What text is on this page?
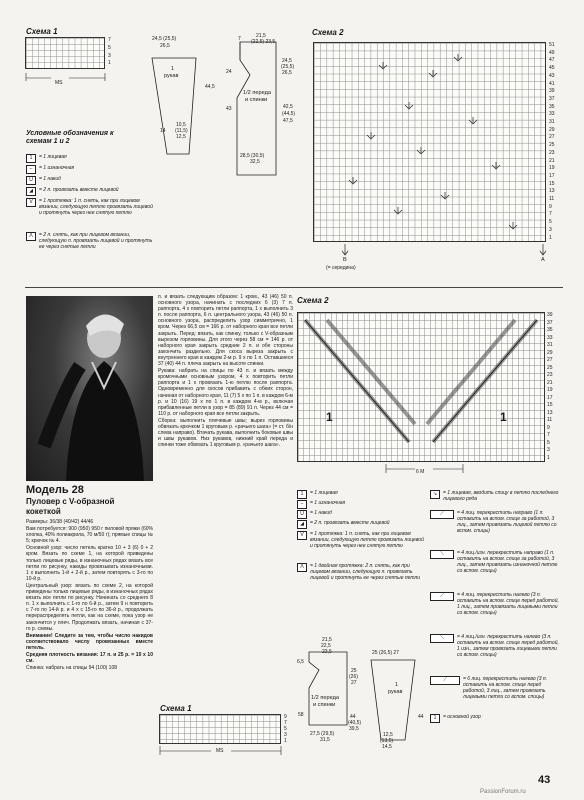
Схема 1
7
5
3
1
MS
24,5 (25,5)
26,5
1
рукав
44,5
10,5
(11,5)
12,5
14
7	21,5
(22,5) 23,5
24
43
24,5
(25,5)
26,5
1/2 переда
и спинки
42,5
(44,5)
47,5
28,5 (30,5)
32,5
Условные обозначения к схемам 1 и 2
1	= 1 лицевая
–	= 1 изнаночная
U	= 1 накид
◢	= 2 п. провязать вместе лицевой
V	= 1 протяжка: 1 п. снять, как при лицевом вязании, следующую петлю провязать лицевой и протянуть через нее снятую петлю
Ʌ	= 2 п. снять, как при лицевом вязании, следующую п. провязать лицевой и протянуть ее через снятые петли
Схема 2
51
49
47
45
43
41
39
37
35
33
31
29
27
25
23
21
19
17
15
13
11
9
7
5
3
1
B	A
(= середина)
Модель 28
Пуловер с V-образной кокеткой

Размеры: 36/38 (40/42) 44/46

Вам потребуется: 900 (950) 950 г пиловой пряжи (60% хлопка, 40% полиакрила, 70 м/50 г); прямые спицы № 5; крючок № 4.

Основной узор: число петель кратно 10 + 3 (6) 0 + 2 кром. Вязать по схеме 1, на которой приведены только лицевые ряды, в изнаночных рядах вязать все петли по рисунку, накиды провязывать изнаночными. 1 х выполнить 1-й + 2-й р., затем повторять с 3-го по 10-й р.

Центральный узор: вязать по схеме 2, на которой приведены только лицевые ряды, в изнаночных рядах вязать все петли по рисунку. Начинать со среднего 8 п. 1 х выполнить с 1-го по 6-й р., затем 9 н повторить с 7-го по 14-й р. и 4 х с 15-го по 36-й р., продолжать перераспределять петли, как на схеме, пока узор не закончится у плеч. Продолжать вязать, начиная с 37-го р. схемы.

Внимание! Следите за тем, чтобы число накидов соответствовало числу провязанных вместе петель.

Средняя плотность вязания: 17 п. и 25 р. = 10 х 10 см.

Спинка: набрать на спицы 94 (100) 108

п. и вязать следующим образом: 1 кром., 43 (46) 50 п. основного узора, начинать с последних 6 (3) 7 п. раппорта, 4 х повторить петли раппорта, 1 х выполнить 3 п. после раппорта, 6 п. центрального узора, 43 (46) 50 п. основного узора, распределить узор симметрично, 1 кром. Через 66,5 см = 166 р. от наборного края все петли закрыть. Перед: вязать, как спинку, только с V-образным вырезом горловины. Для этого через 58 см = 146 р. от наборного края закрыть средние 2 п. и обе стороны закончить раздельно. Для скоса выреза закрыть с внутреннего края в каждом 2-м р. 9 х по 1 п. Оставшиеся 37 (40) 44 п. плеча закрыть на высоте спинки.

Рукава: набрать на спицы по 43 п. и вязать между кромочными основным узором, 4 х повторить петли раппорта и 1 х провязать 1-ю петлю после раппорта. Одновременно для скосов прибавить с обеих сторон, начиная от наборного края, 11 (7) 5 х по 1 п. в каждом 6-м р. и 10 (16) 19 х по 1 п. в каждом 4-м р., включая прибавленные петли в узор = 85 (89) 91 п. Через 44 см = 110 р. от наборного края все петли закрыть.

Сборка: выполнить плечевые швы; вырез горловины обвязать крючком 1 круговым р. «рачьего шага» (= ст. б/н слева направо). Втачать рукава, выполнить боковые швы и швы рукавов. Низ рукавов, нижний край переда и спинки тоже обвязать 1 круговым р. «рачьего шага».

Схема 2
1	1
39
37
35
33
31
29
27
25
23
21
19
17
15
13
11
9
7
5
3
1
6 М
1	= 1 лицевая
–	= 1 изнаночная
U	= 1 накид
◢	= 2 п. провязать вместе лицевой
V	= 1 протяжка: 1 п. снять, как при лицевом вязании, следующую петлю провязать лицевой и протянуть через нее снятую петлю
Ʌ	= 1 двойная протяжка: 2 п. снять, как при лицевом вязании, следующую п. провязать лицевой и протянуть ее через снятые петли
↘	= 1 лицевая, вводить спицу в петлю последнего лицевого ряда
⟋	= 4 лиц. перекрестить направо (1 п. оставить на вспом. спице за работой, 3 лиц., затем провязать лицевой петлю со вспом. спицы)
⟍	= 4 лиц./изн. перекрестить направо (1 п. оставить на вспом. спице за работой, 3 лиц., затем провязать изнаночной петлю со вспом. спицы)
⟋	= 4 лиц. перекрестить налево (3 п. оставить на вспом. спице перед работой, 1 лиц., затем провязать лицевыми петли со вспом. спицы)
⟍	= 4 лиц./изн. перекрестить налево (3 п. оставить на вспом. спице перед работой, 1 изн., затем провязать лицевыми петли со вспом. спицы)
⟋	= 6 лиц. перекрестить налево (3 п. оставить на вспом. спице перед работой, 3 лиц., затем провязать лицевыми петли со вспом. спицы)
1	= основной узор
Схема 1
9
7
5
3
1
MS
21,5
22,5
23,5
6,5
1/2 переда
и спинки
58
25
(26)
27
44
(40,5)
39,5
27,5 (29,5)
31,5
25 (26,5) 27
1
рукав
44
12,5
(13,5)
14,5
43
PassionForum.ru
